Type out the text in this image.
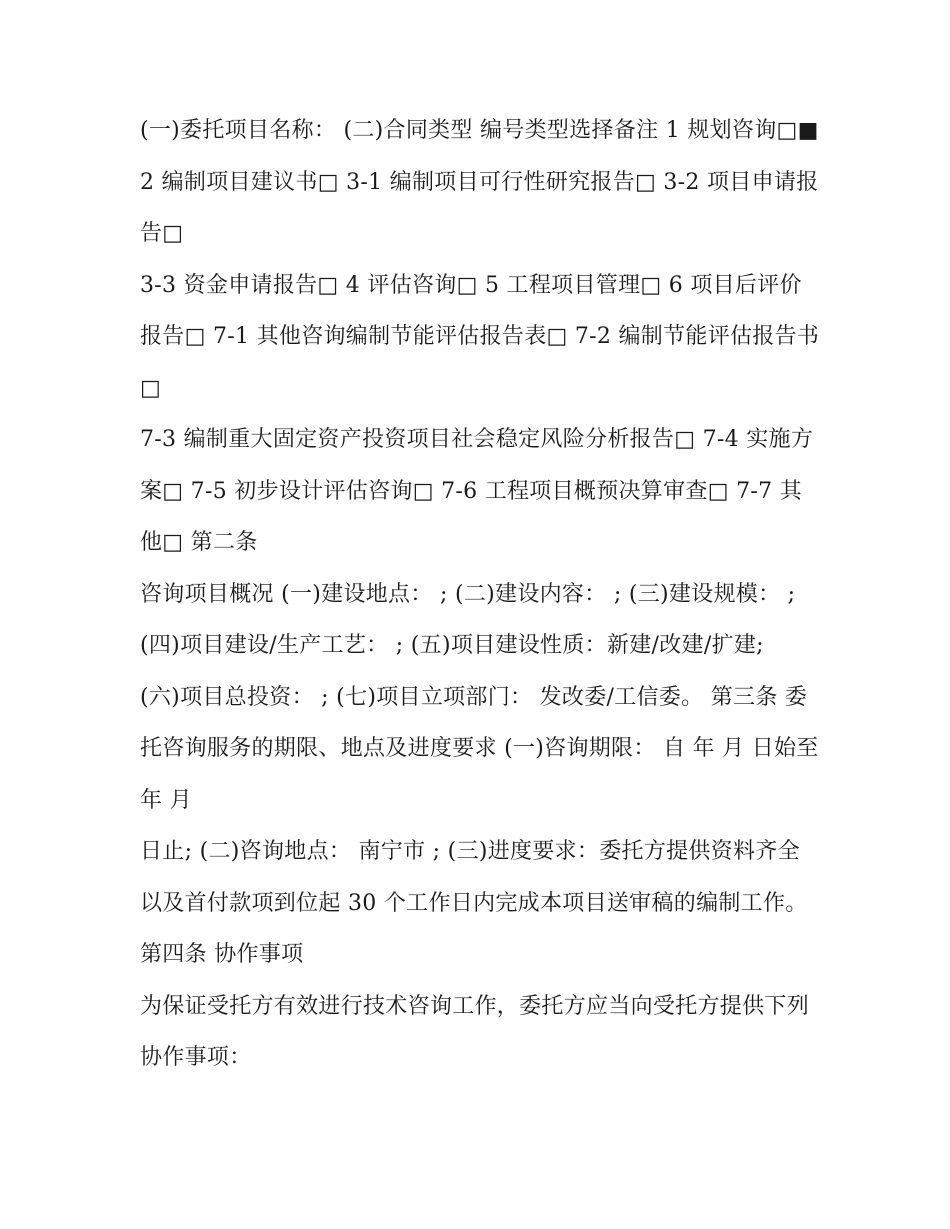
(一)委托项目名称： (二)合同类型 编号类型选择备注 1 规划咨询□■ 2 编制项目建议书□ 3-1 编制项目可行性研究报告□ 3-2 项目申请报告□

3-3 资金申请报告□ 4 评估咨询□ 5 工程项目管理□ 6 项目后评价报告□ 7-1 其他咨询编制节能评估报告表□ 7-2 编制节能评估报告书□

7-3 编制重大固定资产投资项目社会稳定风险分析报告□ 7-4 实施方案□ 7-5 初步设计评估咨询□ 7-6 工程项目概预决算审查□ 7-7 其他□ 第二条

咨询项目概况 (一)建设地点： ; (二)建设内容： ; (三)建设规模： ; (四)项目建设/生产工艺： ; (五)项目建设性质：新建/改建/扩建;

(六)项目总投资： ; (七)项目立项部门： 发改委/工信委。 第三条 委托咨询服务的期限、地点及进度要求 (一)咨询期限： 自 年 月 日始至 年 月

日止; (二)咨询地点： 南宁市 ; (三)进度要求：委托方提供资料齐全以及首付款项到位起 30 个工作日内完成本项目送审稿的编制工作。 第四条 协作事项

为保证受托方有效进行技术咨询工作，委托方应当向受托方提供下列协作事项：
